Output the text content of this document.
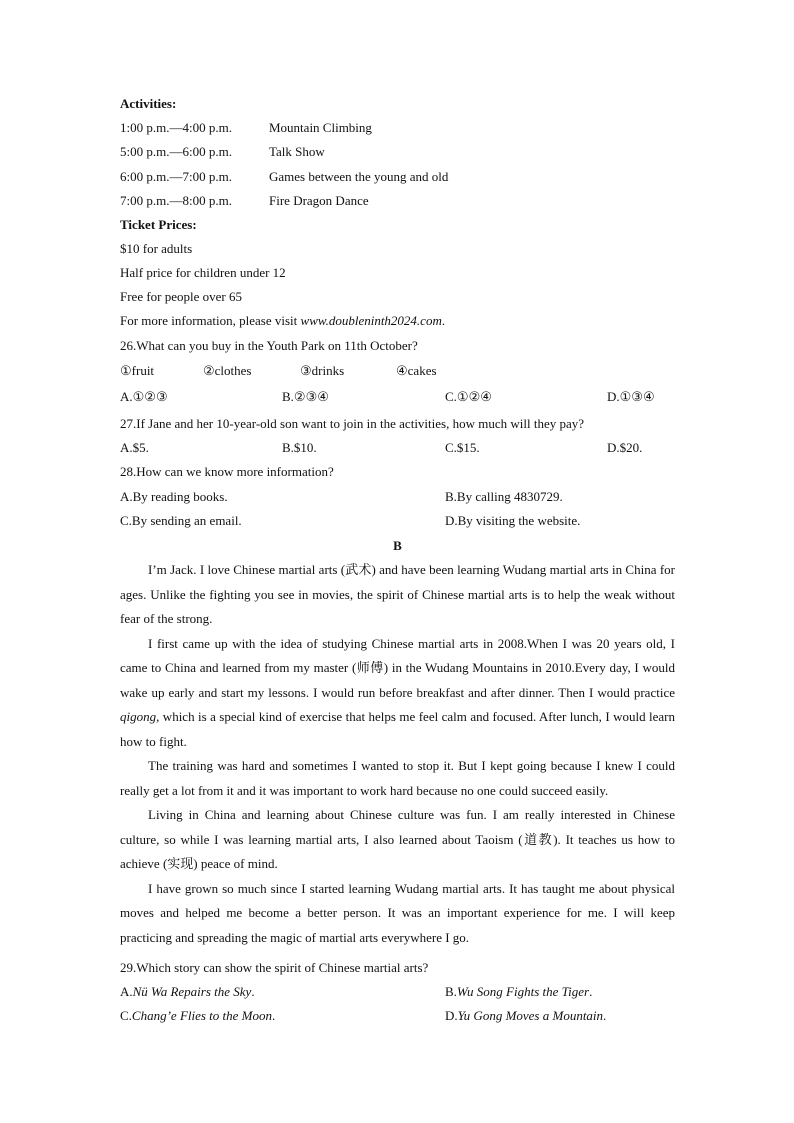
Activities:
1:00 p.m.—4:00 p.m.	Mountain Climbing
5:00 p.m.—6:00 p.m.	Talk Show
6:00 p.m.—7:00 p.m.	Games between the young and old
7:00 p.m.—8:00 p.m.	Fire Dragon Dance
Ticket Prices:
$10 for adults
Half price for children under 12
Free for people over 65
For more information, please visit www.doubleninth2024.com.
26.What can you buy in the Youth Park on 11th October?
①fruit	②clothes	③drinks	④cakes
A.①②③	B.②③④	C.①②④	D.①③④
27.If Jane and her 10-year-old son want to join in the activities, how much will they pay?
A.$5.	B.$10.	C.$15.	D.$20.
28.How can we know more information?
A.By reading books.	B.By calling 4830729.
C.By sending an email.	D.By visiting the website.
B

I’m Jack. I love Chinese martial arts (武术) and have been learning Wudang martial arts in China for ages. Unlike the fighting you see in movies, the spirit of Chinese martial arts is to help the weak without fear of the strong.

I first came up with the idea of studying Chinese martial arts in 2008.When I was 20 years old, I came to China and learned from my master (师傅) in the Wudang Mountains in 2010.Every day, I would wake up early and start my lessons. I would run before breakfast and after dinner. Then I would practice qigong, which is a special kind of exercise that helps me feel calm and focused. After lunch, I would learn how to fight.

The training was hard and sometimes I wanted to stop it. But I kept going because I knew I could really get a lot from it and it was important to work hard because no one could succeed easily.

Living in China and learning about Chinese culture was fun. I am really interested in Chinese culture, so while I was learning martial arts, I also learned about Taoism (道教). It teaches us how to achieve (实现) peace of mind.

I have grown so much since I started learning Wudang martial arts. It has taught me about physical moves and helped me become a better person. It was an important experience for me. I will keep practicing and spreading the magic of martial arts everywhere I go.

29.Which story can show the spirit of Chinese martial arts?
A.Nü Wa Repairs the Sky.	B.Wu Song Fights the Tiger.
C.Chang’e Flies to the Moon.	D.Yu Gong Moves a Mountain.
